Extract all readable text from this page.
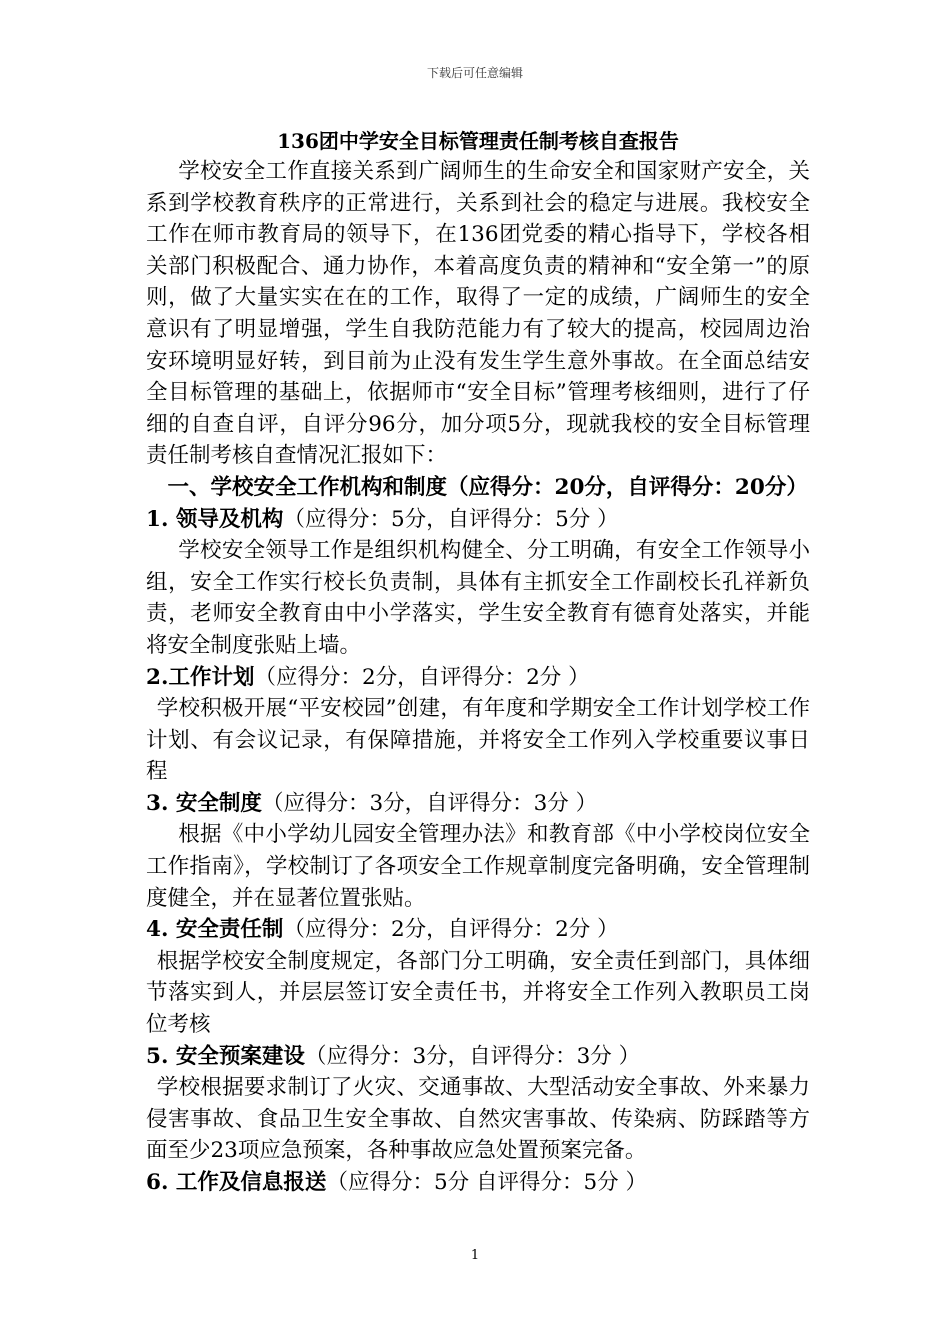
下载后可任意编辑
136团中学安全目标管理责任制考核自查报告

学校安全工作直接关系到广阔师生的生命安全和国家财产安全，关系到学校教育秩序的正常进行，关系到社会的稳定与进展。我校安全工作在师市教育局的领导下，在136团党委的精心指导下，学校各相关部门积极配合、通力协作，本着高度负责的精神和“安全第一”的原则，做了大量实实在在的工作，取得了一定的成绩，广阔师生的安全意识有了明显增强，学生自我防范能力有了较大的提高，校园周边治安环境明显好转，到目前为止没有发生学生意外事故。在全面总结安全目标管理的基础上，依据师市“安全目标”管理考核细则，进行了仔细的自查自评，自评分96分，加分项5分，现就我校的安全目标管理责任制考核自查情况汇报如下：

一、学校安全工作机构和制度（应得分：20分，自评得分：20分）

1. 领导及机构（应得分：5分，自评得分：5分 ）

学校安全领导工作是组织机构健全、分工明确，有安全工作领导小组，安全工作实行校长负责制，具体有主抓安全工作副校长孔祥新负责，老师安全教育由中小学落实，学生安全教育有德育处落实，并能将安全制度张贴上墙。

2.工作计划（应得分：2分，自评得分：2分 ）

学校积极开展“平安校园”创建，有年度和学期安全工作计划学校工作计划、有会议记录，有保障措施，并将安全工作列入学校重要议事日程

3. 安全制度（应得分：3分，自评得分：3分 ）

根据《中小学幼儿园安全管理办法》和教育部《中小学校岗位安全工作指南》，学校制订了各项安全工作规章制度完备明确，安全管理制度健全，并在显著位置张贴。

4. 安全责任制（应得分：2分，自评得分：2分 ）

根据学校安全制度规定，各部门分工明确，安全责任到部门，具体细节落实到人，并层层签订安全责任书，并将安全工作列入教职员工岗位考核

5. 安全预案建设（应得分：3分，自评得分：3分 ）

学校根据要求制订了火灾、交通事故、大型活动安全事故、外来暴力侵害事故、食品卫生安全事故、自然灾害事故、传染病、防踩踏等方面至少23项应急预案，各种事故应急处置预案完备。

6. 工作及信息报送（应得分：5分 自评得分：5分 ）

1
